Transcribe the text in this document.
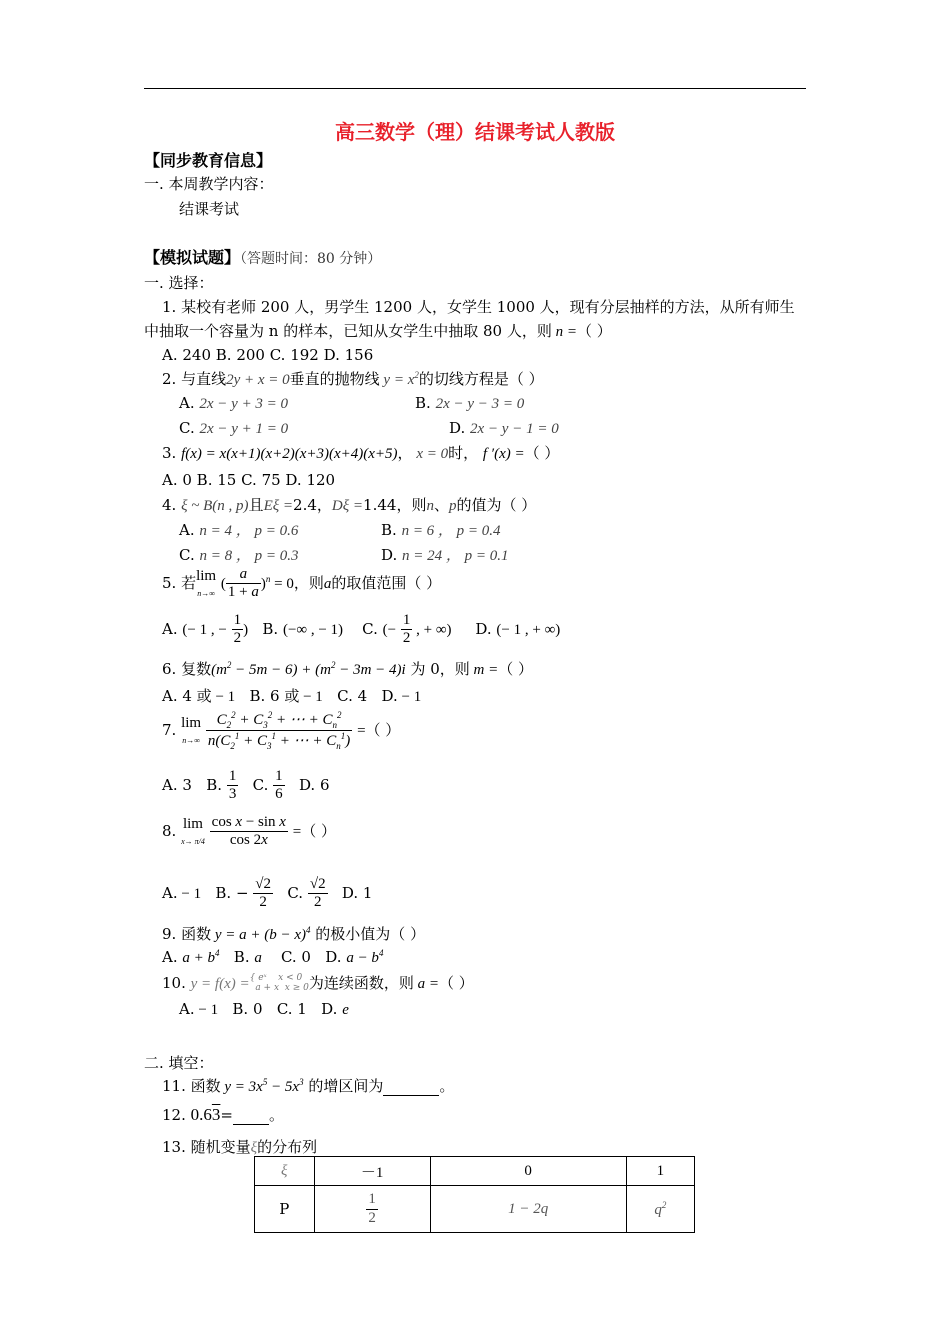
高三数学（理）结课考试人教版
【同步教育信息】
一. 本周教学内容：
结课考试
【模拟试题】（答题时间：80 分钟）
一. 选择：
1. 某校有老师 200 人，男学生 1200 人，女学生 1000 人，现有分层抽样的方法，从所有师生
中抽取一个容量为 n 的样本，已知从女学生中抽取 80 人，则 n =（ ）
A. 240 B. 200 C. 192 D. 156
2. 与直线2y + x = 0垂直的抛物线 $y = x^2$的切线方程是（ ）
A. 2x − y + 3 = 0	B. 2x − y − 3 = 0
C. 2x − y + 1 = 0	D. 2x − y − 1 = 0
3. f(x) = x(x+1)(x+2)(x+3)(x+4)(x+5)， x = 0时， f ′(x) =（ ）
A. 0 B. 15 C. 75 D. 120
4. ξ ~ B(n , p)且Eξ =2.4，Dξ =1.44，则n、p的值为（ ）
A. n = 4 ， p = 0.6	B. n = 6 ， p = 0.4
C. n = 8 ， p = 0.3	D. n = 24 ， p = 0.1
5. 若lim
n→∞ ( $\frac{a}{1 + a} )^n = 0$，则a的取值范围（ ）
A. (− 1 , − $\frac{1}{2}$ )   B. (−∞ , − 1)    C. (− $\frac{1}{2}$ , + ∞)     D. (− 1 , + ∞)
6. 复数$(m^2 - 5m - 6) + (m^2 - 3m - 4)i$ 为 0，则 m =（ ）
A. 4 或 − 1 B. 6 或 − 1 C. 4 D. − 1
7. lim
$n\to\infty \frac{C_2^2 + C_3^2 + \cdots + C_n^2}{n(C_2^1 + C_3^1 + \cdots + C_n^1)}$ =（ ）
A. 3 B. $\frac{1}{3} C$. $\frac{1}{6} D$. 6
8. lim
$x\to \pi/4 \frac{\text{cos x − sin x}}{\cos 2x}$ =（ ）
A. − 1 B. − $\frac{√2}{2} C$. $\frac{√2}{2} D$. 1
9. 函数 $y = a + (b - x)^4$ 的极小值为（ ）
A. $a + b^4$   B. a    C. 0   D. $a - b^4$
10. y = f(x) ={ eˣ    x < 0
a + x  x ≥ 0为连续函数，则 a =（ ）
A. − 1 B. 0 C. 1 D. e
二. 填空：
11. 函数 $y = 3x^5 - 5x^3$ 的增区间为	。
12. 0.63= 。
13. 随机变量ξ的分布列
ξ	－1	0	1
P	$\frac{1}{2}$	1 − 2q	$q^2$
